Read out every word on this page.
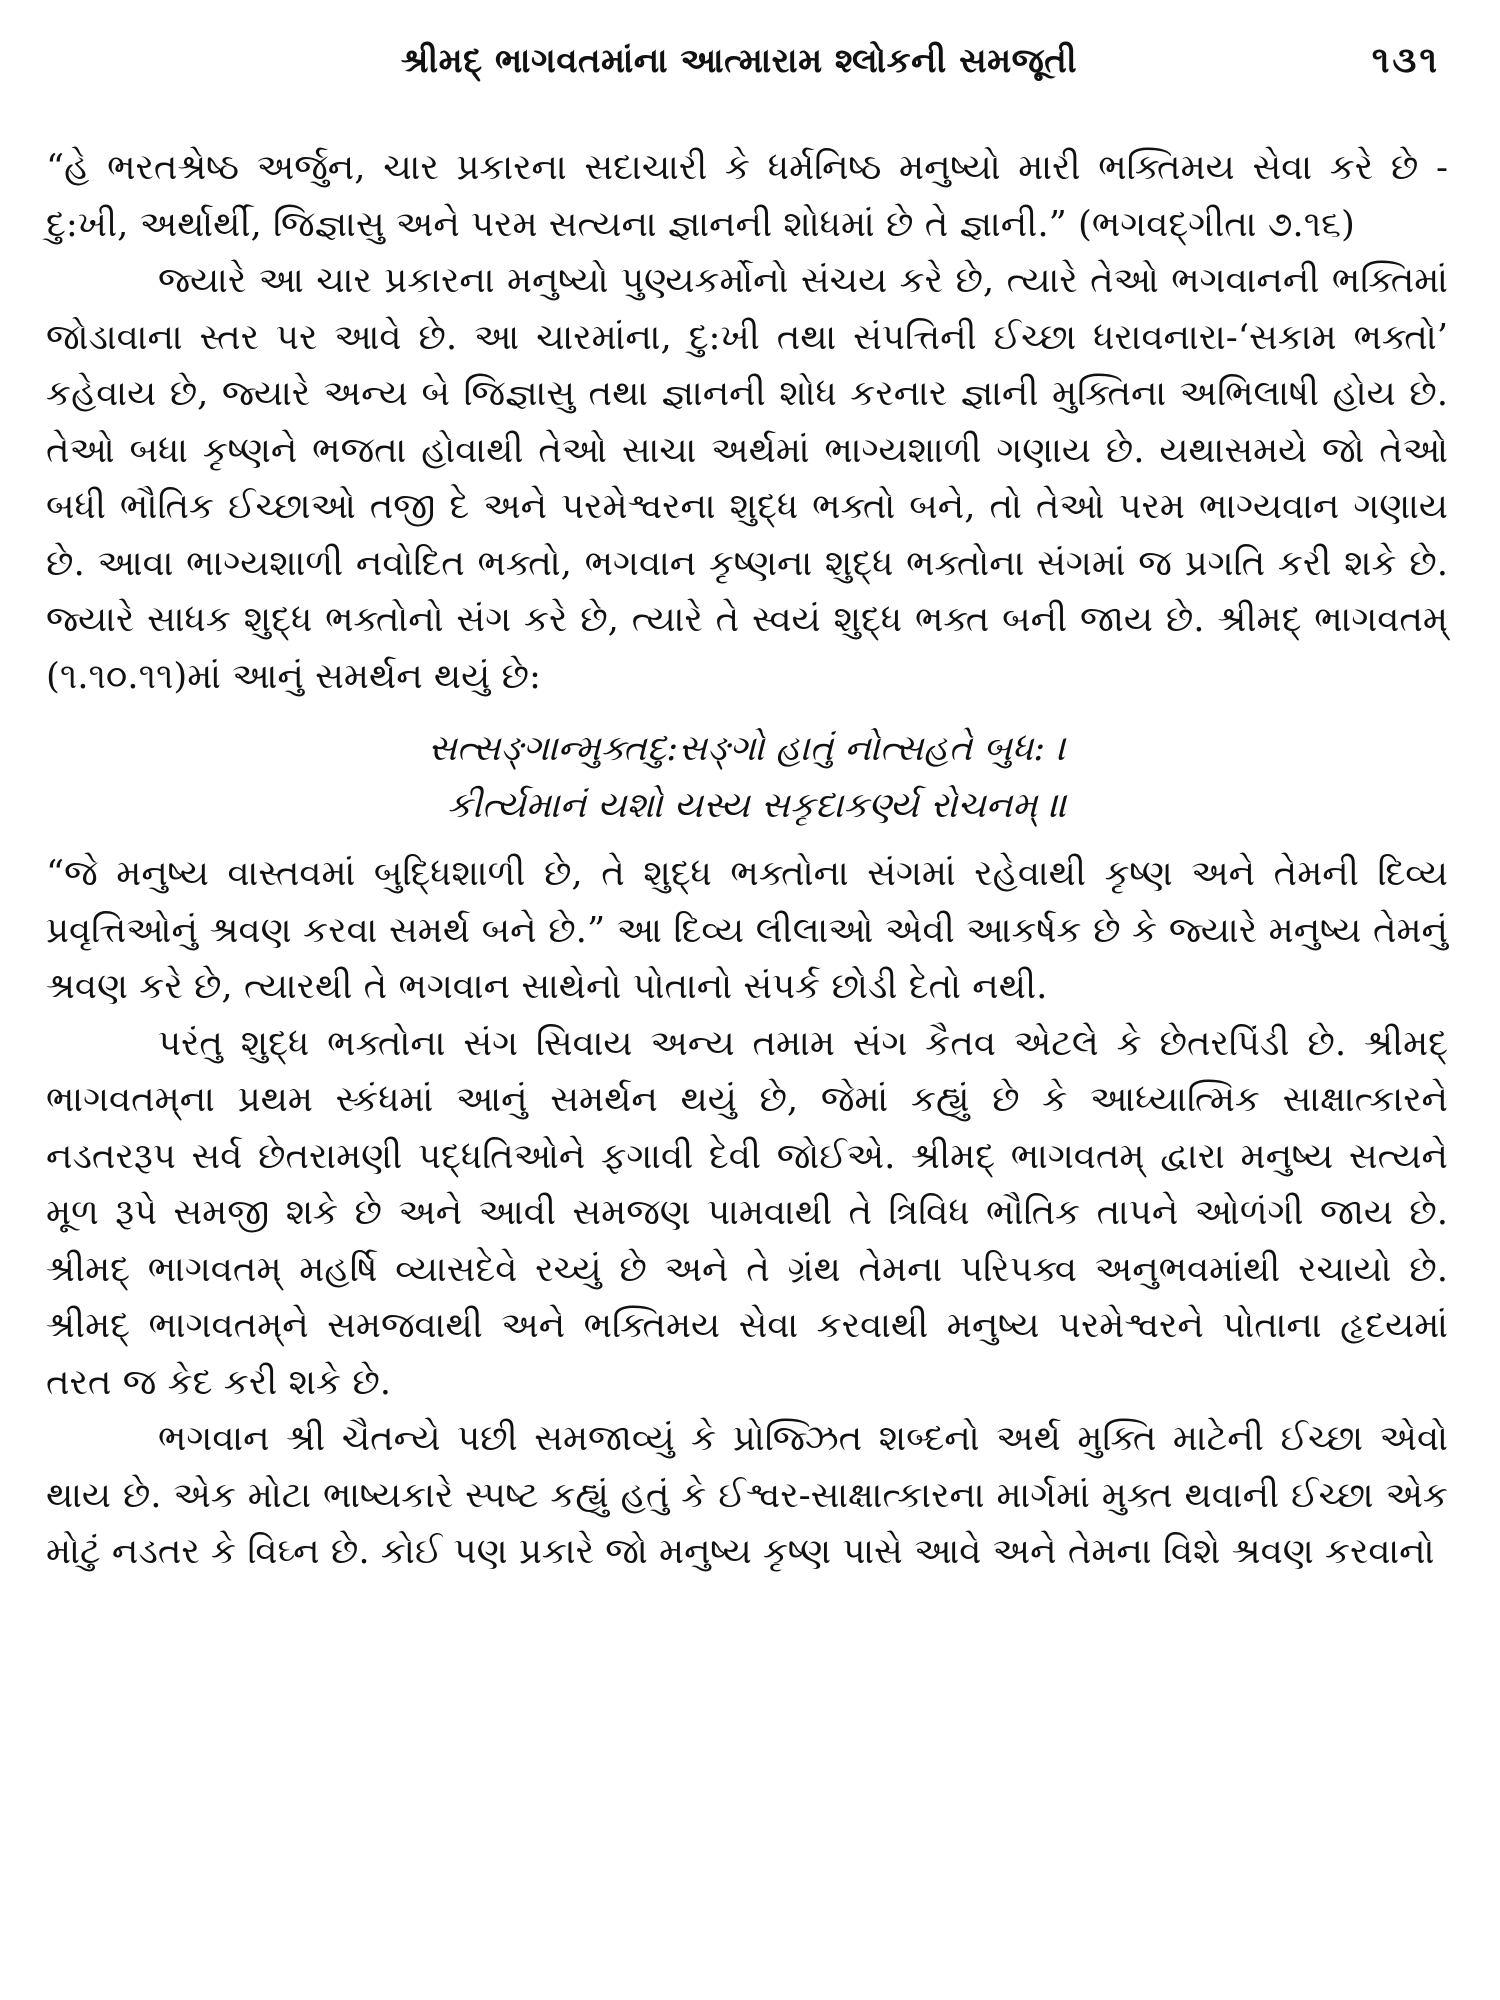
શ્રીમદ્ ભાગવતમાંના આત્મારામ શ્લોકની સમજૂતી	૧૩૧

“હે ભરતશ્રેષ્ઠ અર્જુન, ચાર પ્રકારના સદાચારી કે ધર્મનિષ્ઠ મનુષ્યો મારી ભક્તિમય સેવા કરે છે - દુ:ખી, અર્થાર્થી, જિજ્ઞાસુ અને પરમ સત્યના જ્ઞાનની શોધમાં છે તે જ્ઞાની.” (ભગવદ્ગીતા ૭.૧૬)

જ્યારે આ ચાર પ્રકારના મનુષ્યો પુણ્યકર્મોનો સંચય કરે છે, ત્યારે તેઓ ભગવાનની ભક્તિમાં જોડાવાના સ્તર પર આવે છે. આ ચારમાંના, દુ:ખી તથા સંપત્તિની ઈચ્છા ધરાવનારા-‘સકામ ભક્તો’ કહેવાય છે, જ્યારે અન્ય બે જિજ્ઞાસુ તથા જ્ઞાનની શોધ કરનાર જ્ઞાની મુક્તિના અભિલાષી હોય છે. તેઓ બધા કૃષ્ણને ભજતા હોવાથી તેઓ સાચા અર્થમાં ભાગ્યશાળી ગણાય છે. યથાસમયે જો તેઓ બધી ભૌતિક ઈચ્છાઓ તજી દે અને પરમેશ્વરના શુદ્ધ ભક્તો બને, તો તેઓ પરમ ભાગ્યવાન ગણાય છે. આવા ભાગ્યશાળી નવોદિત ભક્તો, ભગવાન કૃષ્ણના શુદ્ધ ભક્તોના સંગમાં જ પ્રગતિ કરી શકે છે. જ્યારે સાધક શુદ્ધ ભક્તોનો સંગ કરે છે, ત્યારે તે સ્વયં શુદ્ધ ભક્ત બની જાય છે. શ્રીમદ્ ભાગવતમ્ (૧.૧૦.૧૧)માં આનું સમર્થન થયું છે:

સત્સઙ્ગાન્મુક્તદુ:સઙ્ગો હાતું નોત્સહતે બુધ: ।
કીર્ત્યમાનં યશો યસ્ય સકૃદાકર્ણ્ય રોચનમ્ ॥

“જે મનુષ્ય વાસ્તવમાં બુદ્ધિશાળી છે, તે શુદ્ધ ભક્તોના સંગમાં રહેવાથી કૃષ્ણ અને તેમની દિવ્ય પ્રવૃત્તિઓનું શ્રવણ કરવા સમર્થ બને છે.” આ દિવ્ય લીલાઓ એવી આકર્ષક છે કે જ્યારે મનુષ્ય તેમનું શ્રવણ કરે છે, ત્યારથી તે ભગવાન સાથેનો પોતાનો સંપર્ક છોડી દેતો નથી.

પરંતુ શુદ્ધ ભક્તોના સંગ સિવાય અન્ય તમામ સંગ કૈતવ એટલે કે છેતરપિંડી છે. શ્રીમદ્ ભાગવતમ્‌ના પ્રથમ સ્કંધમાં આનું સમર્થન થયું છે, જેમાં કહ્યું છે કે આધ્યાત્મિક સાક્ષાત્કારને નડતરરૂપ સર્વ છેતરામણી પદ્ધતિઓને ફગાવી દેવી જોઈએ. શ્રીમદ્ ભાગવતમ્ દ્વારા મનુષ્ય સત્યને મૂળ રૂપે સમજી શકે છે અને આવી સમજણ પામવાથી તે ત્રિવિધ ભૌતિક તાપને ઓળંગી જાય છે. શ્રીમદ્ ભાગવતમ્ મહર્ષિ વ્યાસદેવે રચ્યું છે અને તે ગ્રંથ તેમના પરિપક્વ અનુભવમાંથી રચાયો છે. શ્રીમદ્ ભાગવતમ્‌ને સમજવાથી અને ભક્તિમય સેવા કરવાથી મનુષ્ય પરમેશ્વરને પોતાના હૃદયમાં તરત જ કેદ કરી શકે છે.

ભગવાન શ્રી ચૈતન્યે પછી સમજાવ્યું કે પ્રોજ્ઝિત શબ્દનો અર્થ મુક્તિ માટેની ઈચ્છા એવો થાય છે. એક મોટા ભાષ્યકારે સ્પષ્ટ કહ્યું હતું કે ઈશ્વર-સાક્ષાત્કારના માર્ગમાં મુક્ત થવાની ઈચ્છા એક મોટું નડતર કે વિઘ્ન છે. કોઈ પણ પ્રકારે જો મનુષ્ય કૃષ્ણ પાસે આવે અને તેમના વિશે શ્રવણ કરવાનો
